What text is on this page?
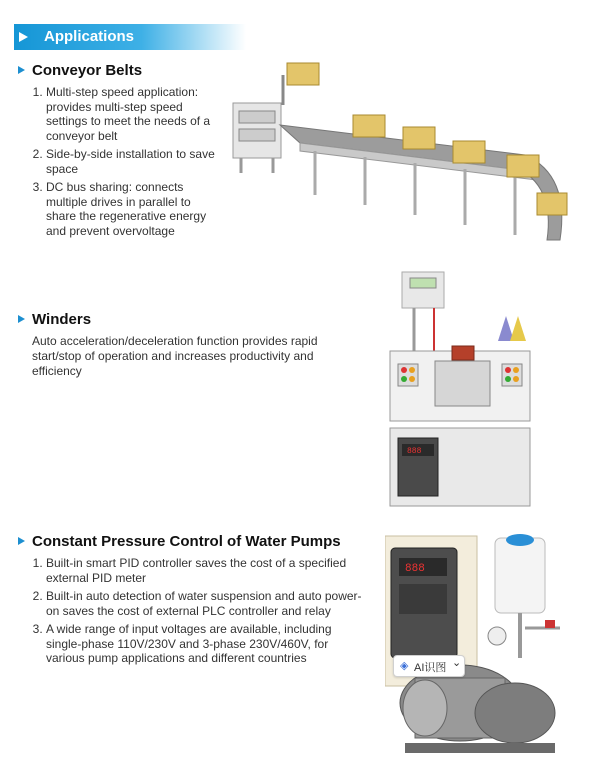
Applications
Conveyor Belts
1. Multi-step speed application: provides multi-step speed settings to meet the needs of a conveyor belt
2. Side-by-side installation to save space
3. DC bus sharing: connects multiple drives in parallel to share the regenerative energy and prevent overvoltage
Winders
Auto acceleration/deceleration function provides rapid start/stop of operation and increases productivity and efficiency
888
Constant Pressure Control of Water Pumps
1. Built-in smart PID controller saves the cost of a specified external PID meter
2. Built-in auto detection of water suspension and auto power-on saves the cost of external PLC controller and relay
3. A wide range of input voltages are available, including single-phase 110V/230V and 3-phase 230V/460V, for various pump applications and different countries
888
◈ AI识图 ⌄
